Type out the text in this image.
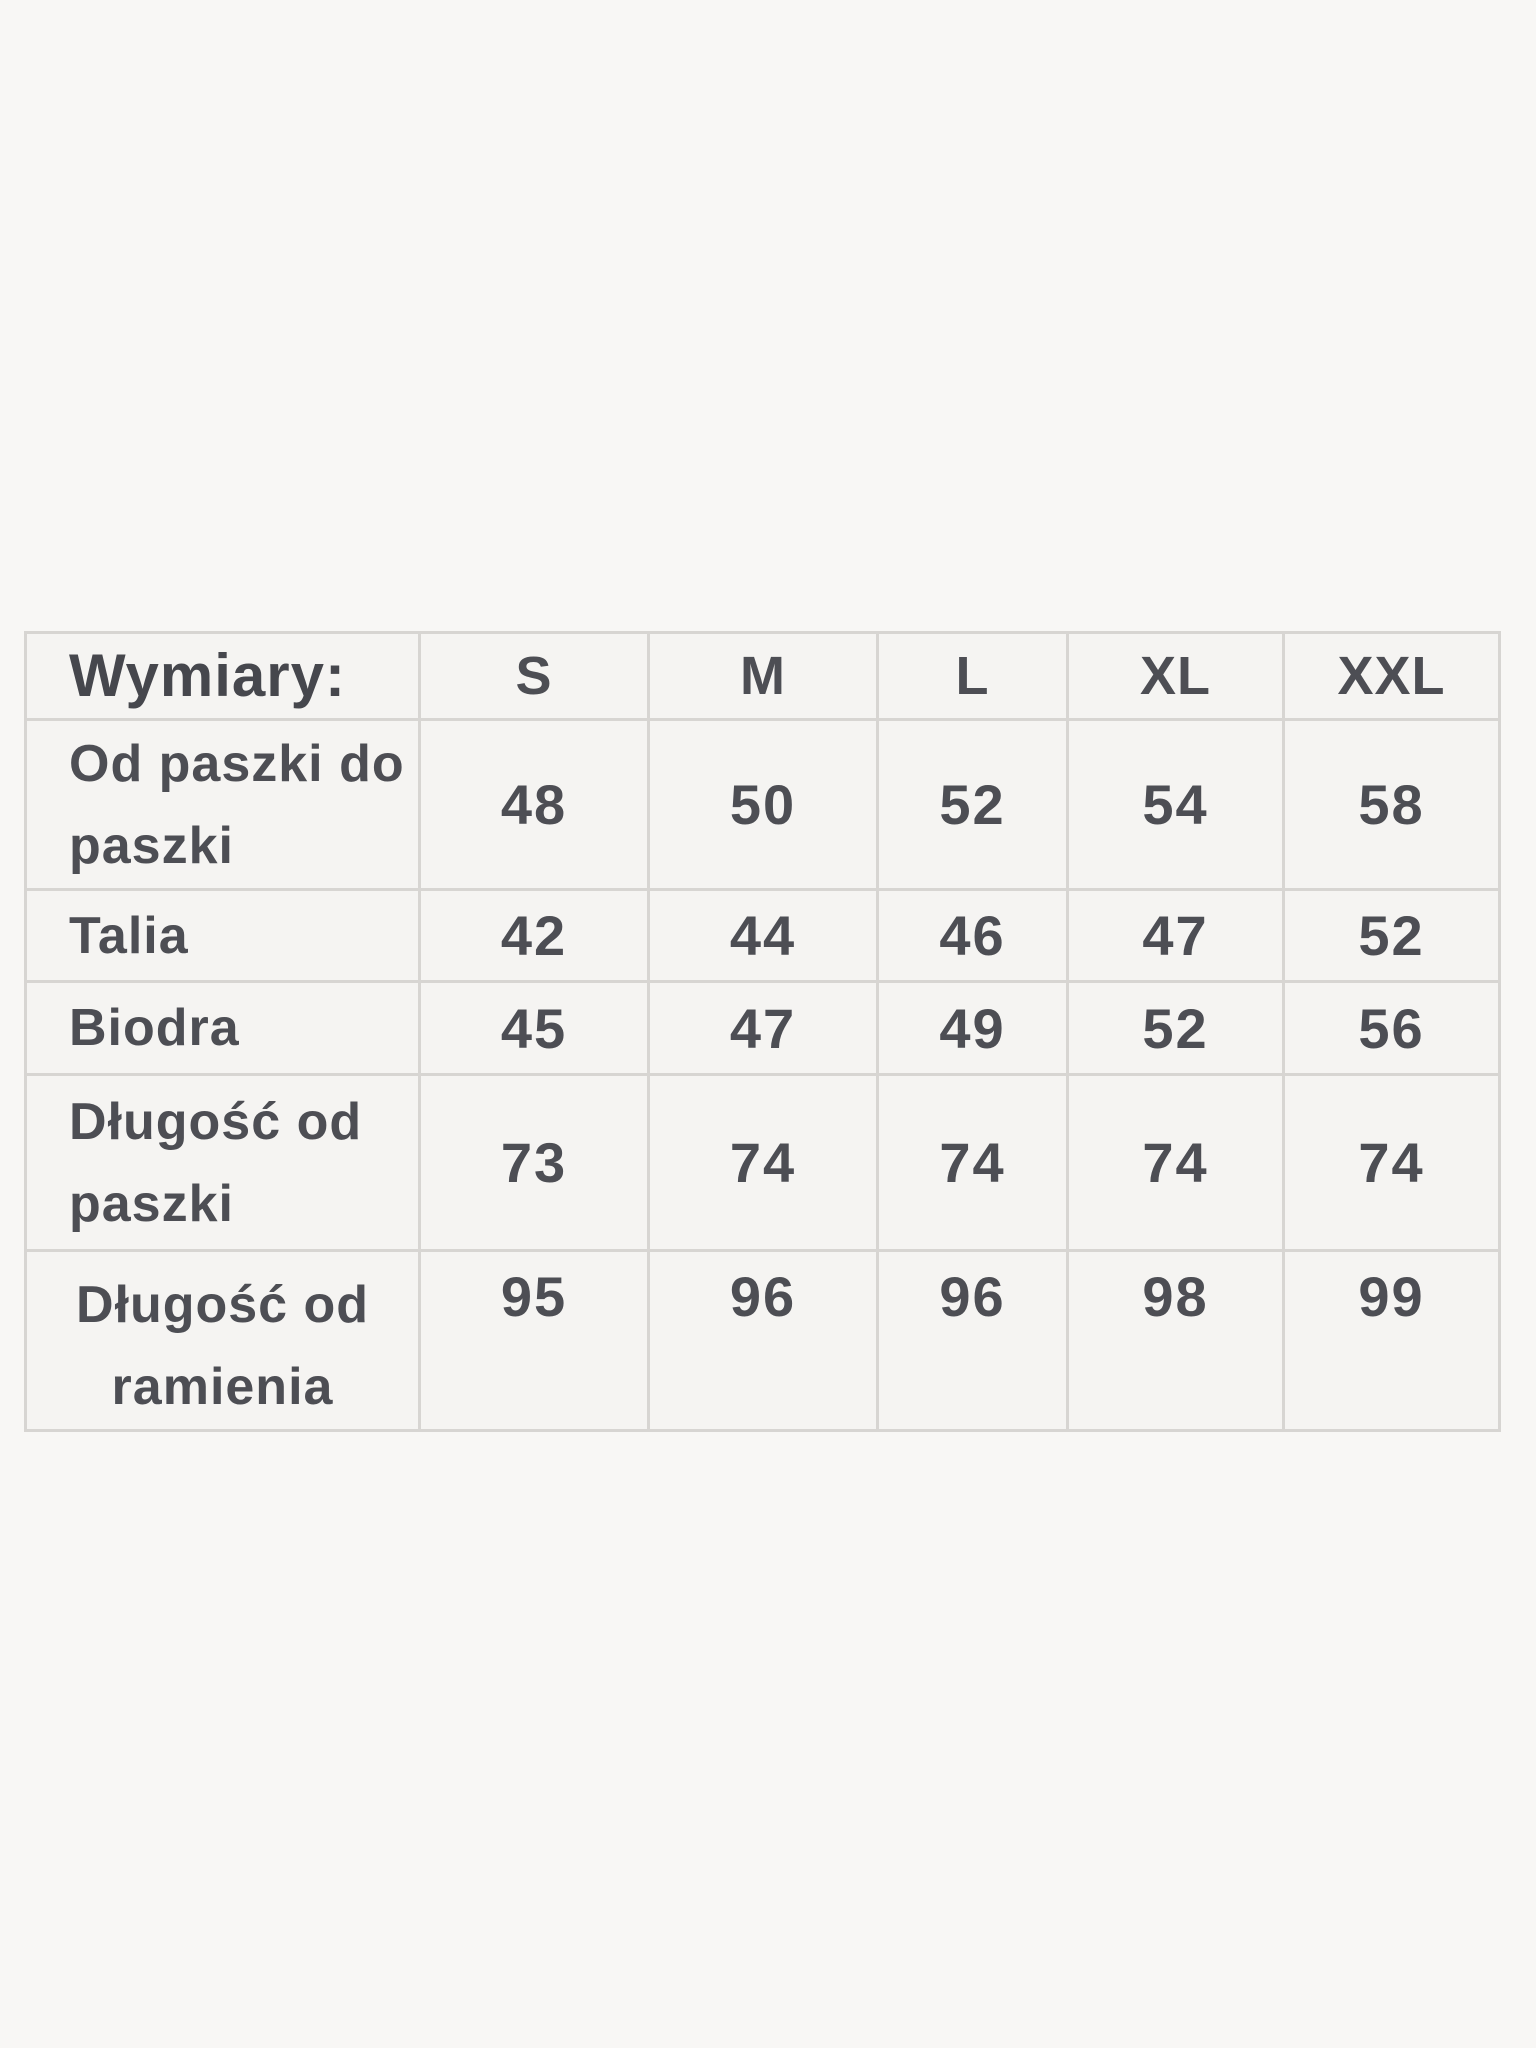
Wymiary:	S	M	L	XL	XXL
Od paszki do paszki	48	50	52	54	58
Talia	42	44	46	47	52
Biodra	45	47	49	52	56
Długość od paszki	73	74	74	74	74
Długość od ramienia	95	96	96	98	99
